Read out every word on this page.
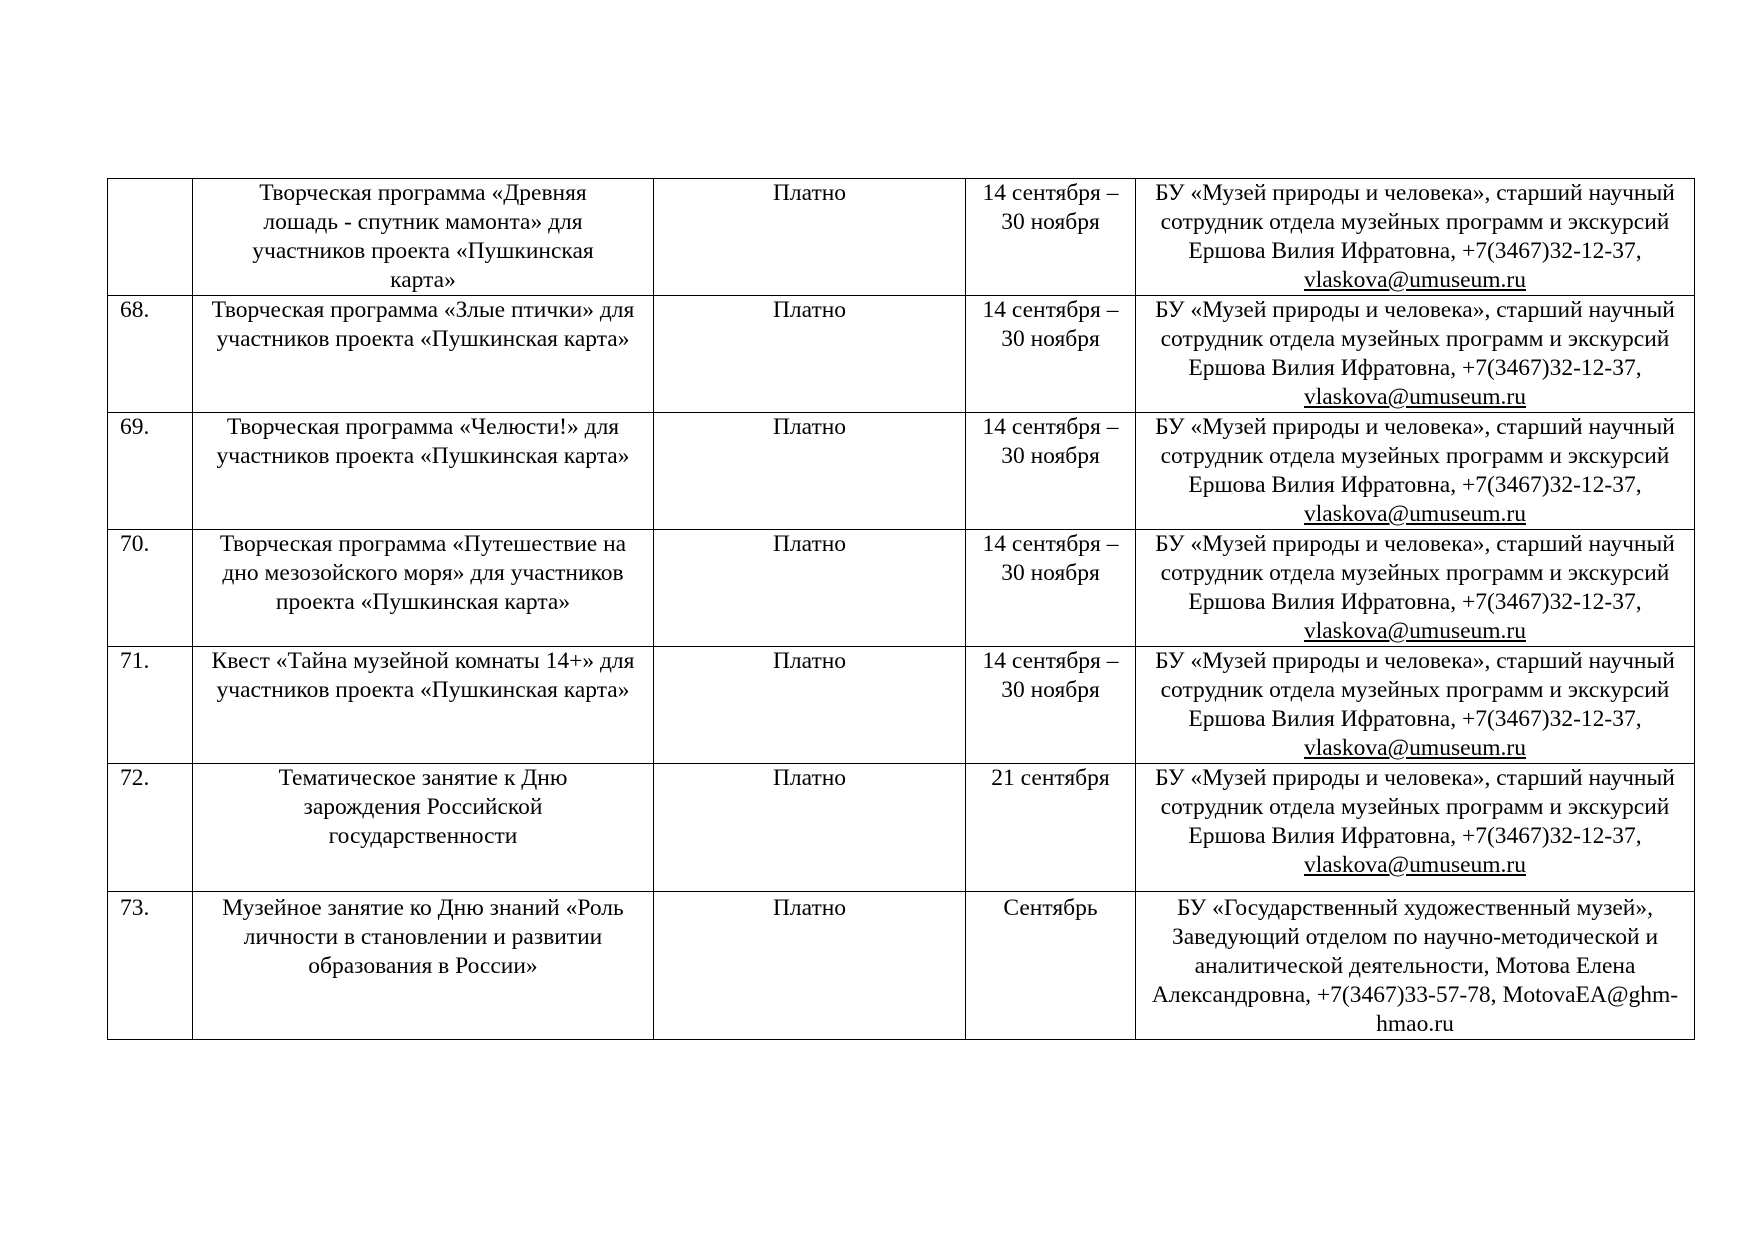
	Творческая программа «Древняя лошадь - спутник мамонта» для участников проекта «Пушкинская карта»	Платно	14 сентября – 30 ноября	БУ «Музей природы и человека», старший научный сотрудник отдела музейных программ и экскурсий Ершова Вилия Ифратовна, +7(3467)32-12-37, vlaskova@umuseum.ru
68.	Творческая программа «Злые птички» для участников проекта «Пушкинская карта»	Платно	14 сентября – 30 ноября	БУ «Музей природы и человека», старший научный сотрудник отдела музейных программ и экскурсий Ершова Вилия Ифратовна, +7(3467)32-12-37, vlaskova@umuseum.ru
69.	Творческая программа «Челюсти!» для участников проекта «Пушкинская карта»	Платно	14 сентября – 30 ноября	БУ «Музей природы и человека», старший научный сотрудник отдела музейных программ и экскурсий Ершова Вилия Ифратовна, +7(3467)32-12-37, vlaskova@umuseum.ru
70.	Творческая программа «Путешествие на дно мезозойского моря» для участников проекта «Пушкинская карта»	Платно	14 сентября – 30 ноября	БУ «Музей природы и человека», старший научный сотрудник отдела музейных программ и экскурсий Ершова Вилия Ифратовна, +7(3467)32-12-37, vlaskova@umuseum.ru
71.	Квест «Тайна музейной комнаты 14+» для участников проекта «Пушкинская карта»	Платно	14 сентября – 30 ноября	БУ «Музей природы и человека», старший научный сотрудник отдела музейных программ и экскурсий Ершова Вилия Ифратовна, +7(3467)32-12-37, vlaskova@umuseum.ru
72.	Тематическое занятие к Дню зарождения Российской государственности	Платно	21 сентября	БУ «Музей природы и человека», старший научный сотрудник отдела музейных программ и экскурсий Ершова Вилия Ифратовна, +7(3467)32-12-37, vlaskova@umuseum.ru
73.	Музейное занятие ко Дню знаний «Роль личности в становлении и развитии образования в России»	Платно	Сентябрь	БУ «Государственный художественный музей», Заведующий отделом по научно-методической и аналитической деятельности, Мотова Елена Александровна, +7(3467)33-57-78, MotovaEA@ghm-hmao.ru
